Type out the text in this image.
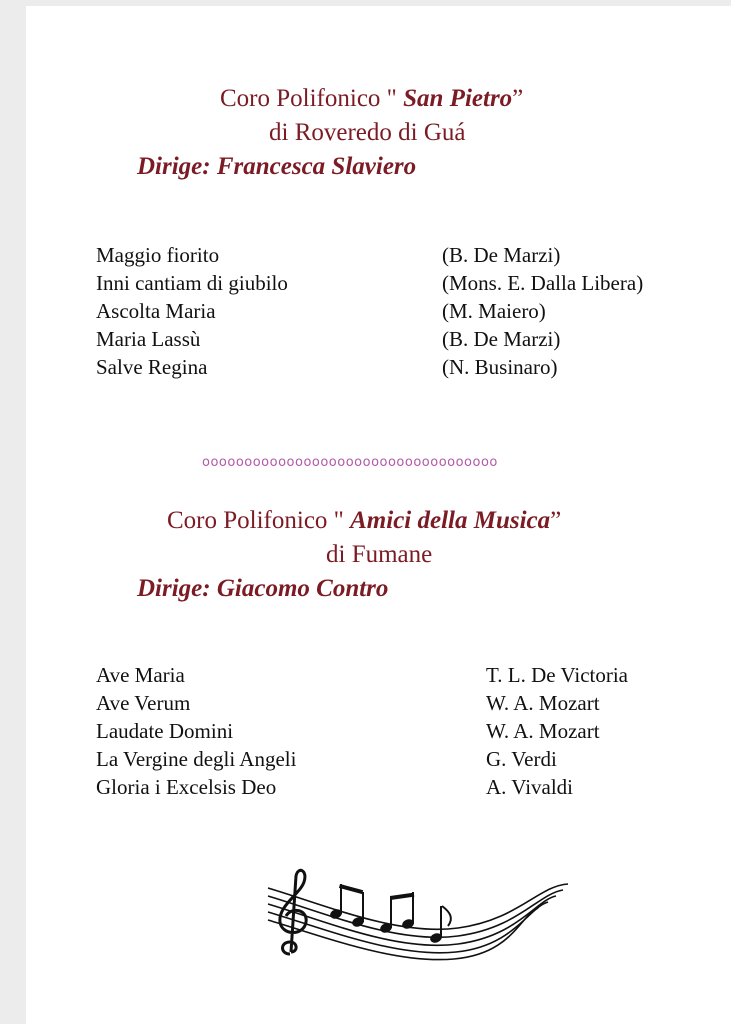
Coro Polifonico " San Pietro”
di Roveredo di Guá
Dirige: Francesca Slaviero
Maggio fiorito	(B. De Marzi)
Inni cantiam di giubilo	(Mons. E. Dalla Libera)
Ascolta Maria	(M. Maiero)
Maria Lassù	(B. De Marzi)
Salve Regina	(N. Businaro)
ooooooooooooooooooooooooooooooooooo
Coro Polifonico " Amici della Musica”
di Fumane
Dirige: Giacomo Contro
Ave Maria	T. L. De Victoria
Ave Verum	W. A. Mozart
Laudate Domini	W. A. Mozart
La Vergine degli Angeli	G. Verdi
Gloria i Excelsis Deo	A. Vivaldi
